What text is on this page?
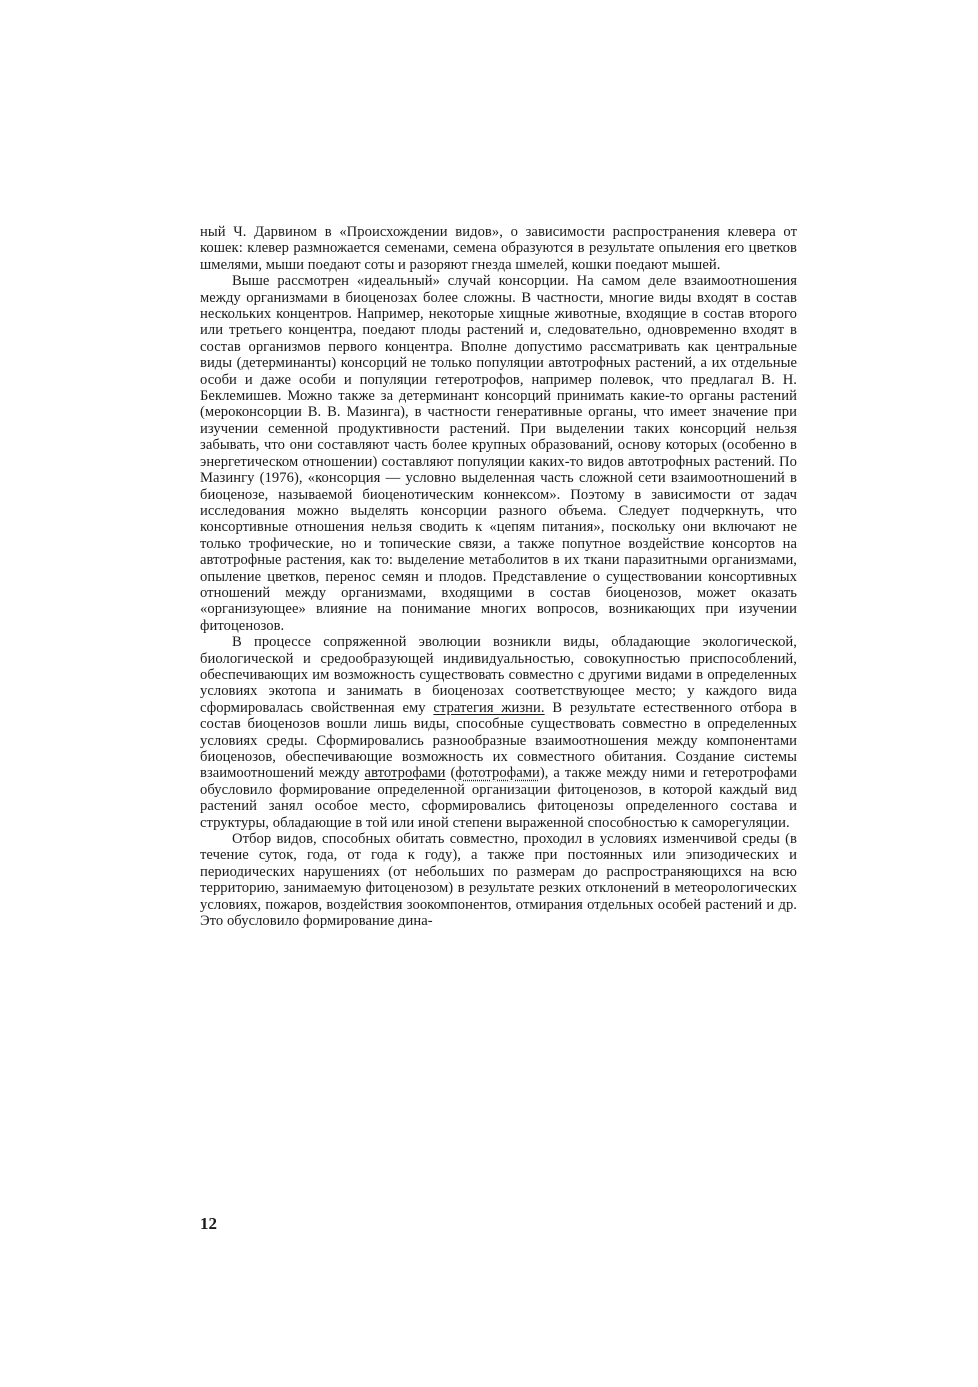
ный Ч. Дарвином в «Происхождении видов», о зависимости распространения клевера от кошек: клевер размножается семенами, семена образуются в результате опыления его цветков шмелями, мыши поедают соты и разоряют гнезда шмелей, кошки поедают мышей.

Выше рассмотрен «идеальный» случай консорции. На самом деле взаимоотношения между организмами в биоценозах более сложны. В частности, многие виды входят в состав нескольких концентров. Например, некоторые хищные животные, входящие в состав второго или третьего концентра, поедают плоды растений и, следовательно, одновременно входят в состав организмов первого концентра. Вполне допустимо рассматривать как центральные виды (детерминанты) консорций не только популяции автотрофных растений, а их отдельные особи и даже особи и популяции гетеротрофов, например полевок, что предлагал В. Н. Беклемишев. Можно также за детерминант консорций принимать какие-то органы растений (мероконсорции В. В. Мазинга), в частности генеративные органы, что имеет значение при изучении семенной продуктивности растений. При выделении таких консорций нельзя забывать, что они составляют часть более крупных образований, основу которых (особенно в энергетическом отношении) составляют популяции каких-то видов автотрофных растений. По Мазингу (1976), «консорция — условно выделенная часть сложной сети взаимоотношений в биоценозе, называемой биоценотическим коннексом». Поэтому в зависимости от задач исследования можно выделять консорции разного объема. Следует подчеркнуть, что консортивные отношения нельзя сводить к «цепям питания», поскольку они включают не только трофические, но и топические связи, а также попутное воздействие консортов на автотрофные растения, как то: выделение метаболитов в их ткани паразитными организмами, опыление цветков, перенос семян и плодов. Представление о существовании консортивных отношений между организмами, входящими в состав биоценозов, может оказать «организующее» влияние на понимание многих вопросов, возникающих при изучении фитоценозов.

В процессе сопряженной эволюции возникли виды, обладающие экологической, биологической и средообразующей индивидуальностью, совокупностью приспособлений, обеспечивающих им возможность существовать совместно с другими видами в определенных условиях экотопа и занимать в биоценозах соответствующее место; у каждого вида сформировалась свойственная ему стратегия жизни. В результате естественного отбора в состав биоценозов вошли лишь виды, способные существовать совместно в определенных условиях среды. Сформировались разнообразные взаимоотношения между компонентами биоценозов, обеспечивающие возможность их совместного обитания. Создание системы взаимоотношений между автотрофами (фототрофами), а также между ними и гетеротрофами обусловило формирование определенной организации фитоценозов, в которой каждый вид растений занял особое место, сформировались фитоценозы определенного состава и структуры, обладающие в той или иной степени выраженной способностью к саморегуляции.

Отбор видов, способных обитать совместно, проходил в условиях изменчивой среды (в течение суток, года, от года к году), а также при постоянных или эпизодических и периодических нарушениях (от небольших по размерам до распространяющихся на всю территорию, занимаемую фитоценозом) в результате резких отклонений в метеорологических условиях, пожаров, воздействия зоокомпонентов, отмирания отдельных особей растений и др. Это обусловило формирование дина-

12
